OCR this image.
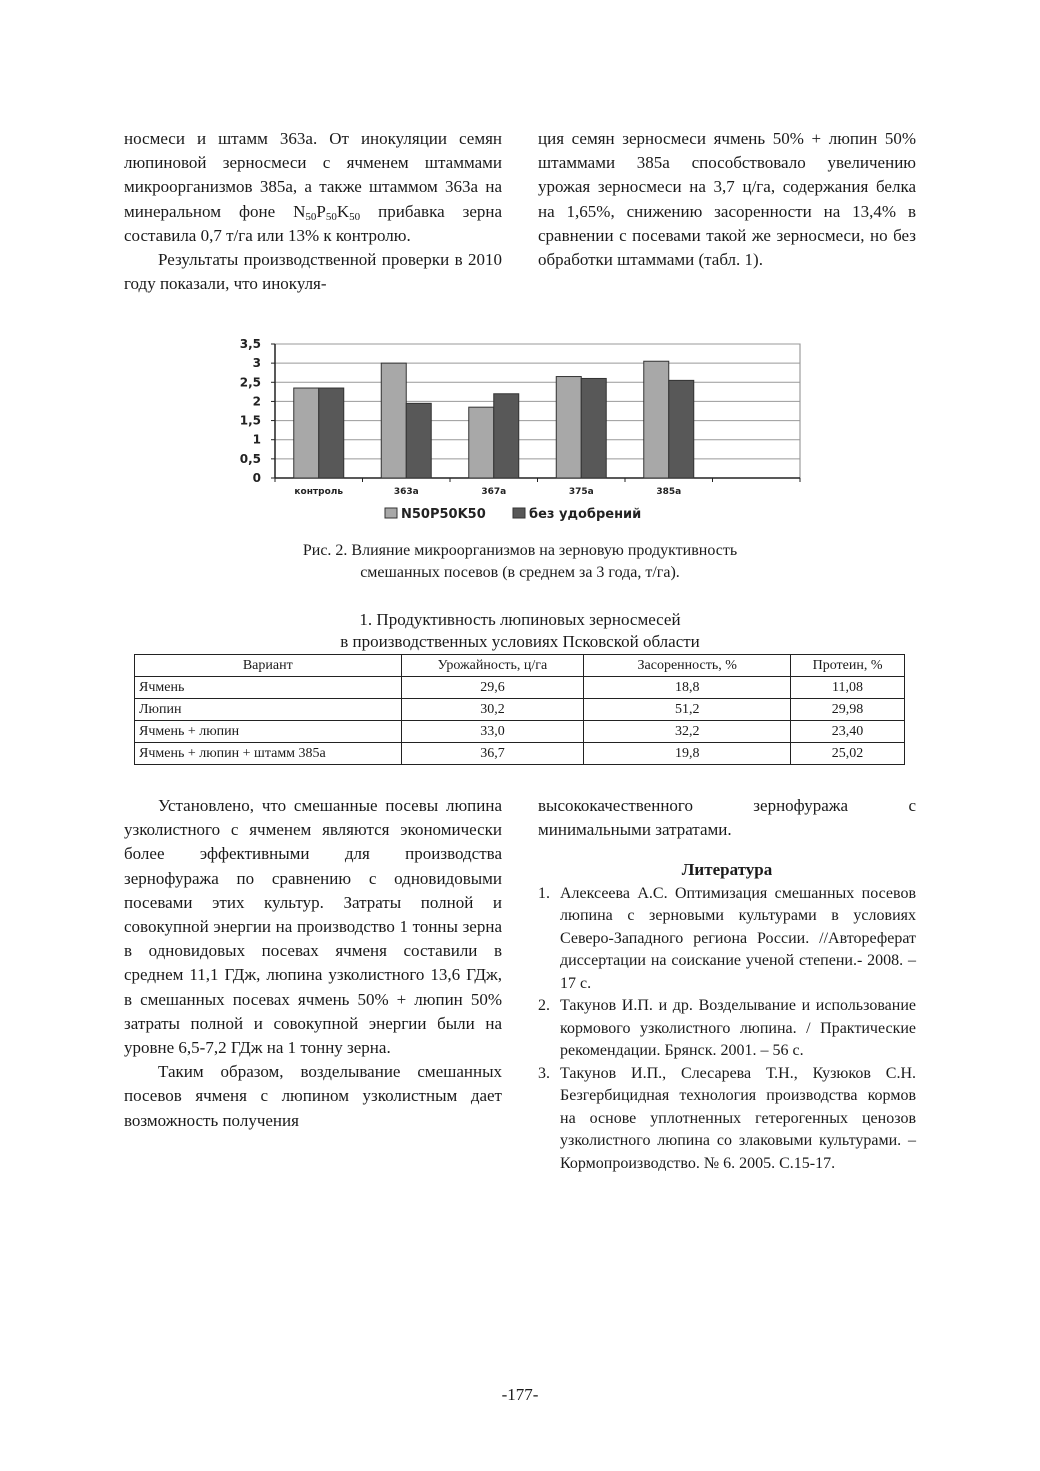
носмеси и штамм 363а. От инокуляции семян люпиновой зерносмеси с ячменем штаммами микроорганизмов 385а, а также штаммом 363а на минеральном фоне $N_{50}P_{50}K_{50}$ прибавка зерна составила 0,7 т/га или 13% к контролю.

Результаты производственной проверки в 2010 году показали, что инокуля-

ция семян зерносмеси ячмень 50% + люпин 50% штаммами 385а способствовало увеличению урожая зерносмеси на 3,7 ц/га, содержания белка на 1,65%, снижению засоренности на 13,4% в сравнении с посевами такой же зерносмеси, но без обработки штаммами (табл. 1).

0
0,5
1
1,5
2
2,5
3
3,5
контроль	363а	367а	375а	385а
N50P50K50	без удобрений
Рис. 2. Влияние микроорганизмов на зерновую продуктивность
смешанных посевов (в среднем за 3 года, т/га).
1. Продуктивность люпиновых зерносмесей
в производственных условиях Псковской области
Вариант	Урожайность, ц/га	Засоренность, %	Протеин, %
Ячмень	29,6	18,8	11,08
Люпин	30,2	51,2	29,98
Ячмень + люпин	33,0	32,2	23,40
Ячмень + люпин + штамм 385а	36,7	19,8	25,02

Установлено, что смешанные посевы люпина узколистного с ячменем являются экономически более эффективными для производства зернофуража по сравнению с одновидовыми посевами этих культур. Затраты полной и совокупной энергии на производство 1 тонны зерна в одновидовых посевах ячменя составили в среднем 11,1 ГДж, люпина узколистного 13,6 ГДж, в смешанных посевах ячмень 50% + люпин 50% затраты полной и совокупной энергии были на уровне 6,5-7,2 ГДж на 1 тонну зерна.

Таким образом, возделывание смешанных посевов ячменя с люпином узколистным дает возможность получения

высококачественного зернофуража с минимальными затратами.

Литература

1. Алексеева А.С. Оптимизация смешанных посевов люпина с зерновыми культурами в условиях Северо-Западного региона России. //Автореферат диссертации на соискание ученой степени.- 2008. – 17 с.
2. Такунов И.П. и др. Возделывание и использование кормового узколистного люпина. / Практические рекомендации. Брянск. 2001. – 56 с.
3. Такунов И.П., Слесарева Т.Н., Кузюков С.Н. Безгербицидная технология производства кормов на основе уплотненных гетерогенных ценозов узколистного люпина со злаковыми культурами. – Кормопроизводство. № 6. 2005. С.15-17.
-177-
